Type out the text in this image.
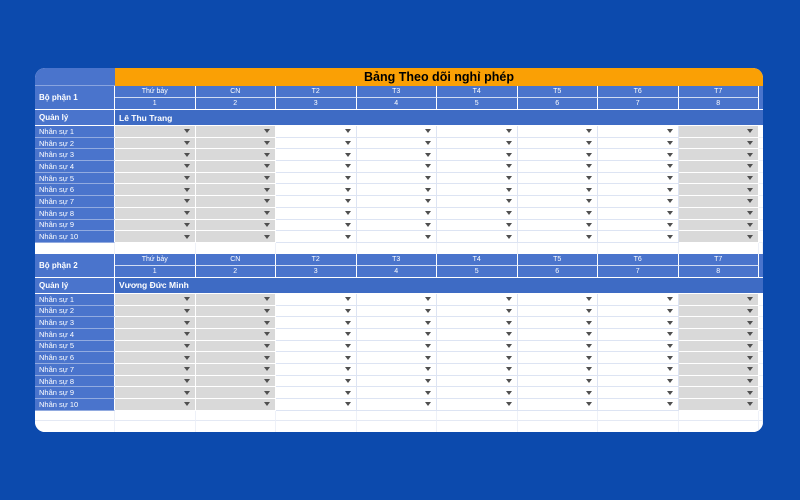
Bảng Theo dõi nghỉ phép
Bộ phận 1
Thứ bảy
1
CN
2
T2
3
T3
4
T4
5
T5
6
T6
7
T7
8
Quản lý	Lê Thu Trang
Nhân sự 1
Nhân sự 2
Nhân sự 3
Nhân sự 4
Nhân sự 5
Nhân sự 6
Nhân sự 7
Nhân sự 8
Nhân sự 9
Nhân sự 10
Bộ phận 2
Thứ bảy
1
CN
2
T2
3
T3
4
T4
5
T5
6
T6
7
T7
8
Quản lý	Vương Đức Minh
Nhân sự 1
Nhân sự 2
Nhân sự 3
Nhân sự 4
Nhân sự 5
Nhân sự 6
Nhân sự 7
Nhân sự 8
Nhân sự 9
Nhân sự 10
